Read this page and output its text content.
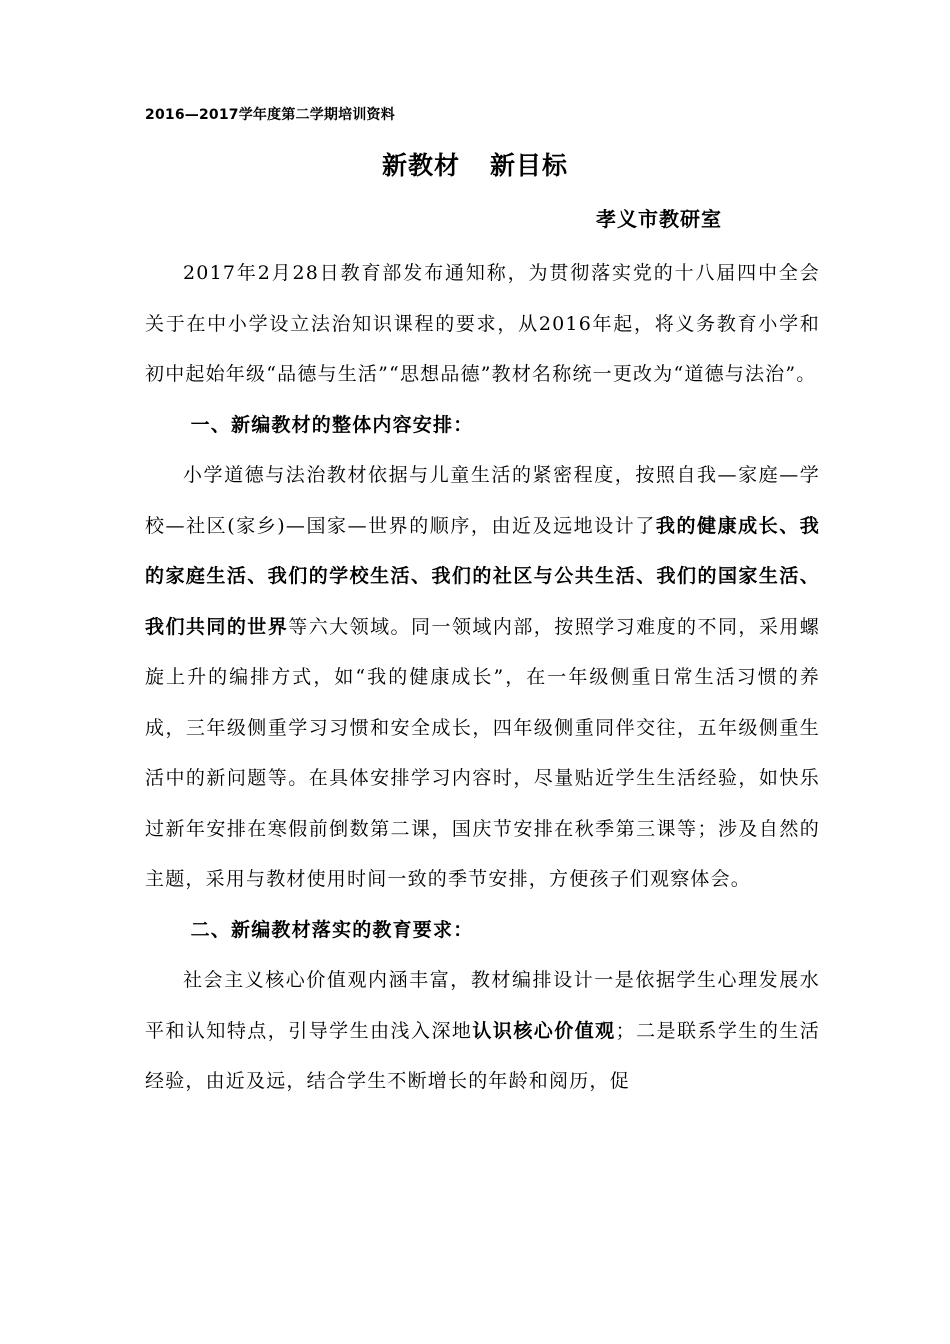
2016—2017学年度第二学期培训资料
新教材 新目标
孝义市教研室

2017年2月28日教育部发布通知称，为贯彻落实党的十八届四中全会关于在中小学设立法治知识课程的要求，从2016年起，将义务教育小学和初中起始年级“品德与生活”“思想品德”教材名称统一更改为“道德与法治”。

一、新编教材的整体内容安排：

小学道德与法治教材依据与儿童生活的紧密程度，按照自我—家庭—学校—社区(家乡)—国家—世界的顺序，由近及远地设计了我的健康成长、我的家庭生活、我们的学校生活、我们的社区与公共生活、我们的国家生活、我们共同的世界等六大领域。同一领域内部，按照学习难度的不同，采用螺旋上升的编排方式，如“我的健康成长”，在一年级侧重日常生活习惯的养成，三年级侧重学习习惯和安全成长，四年级侧重同伴交往，五年级侧重生活中的新问题等。在具体安排学习内容时，尽量贴近学生生活经验，如快乐过新年安排在寒假前倒数第二课，国庆节安排在秋季第三课等；涉及自然的主题，采用与教材使用时间一致的季节安排，方便孩子们观察体会。

二、新编教材落实的教育要求：

社会主义核心价值观内涵丰富，教材编排设计一是依据学生心理发展水平和认知特点，引导学生由浅入深地认识核心价值观；二是联系学生的生活经验，由近及远，结合学生不断增长的年龄和阅历，促
